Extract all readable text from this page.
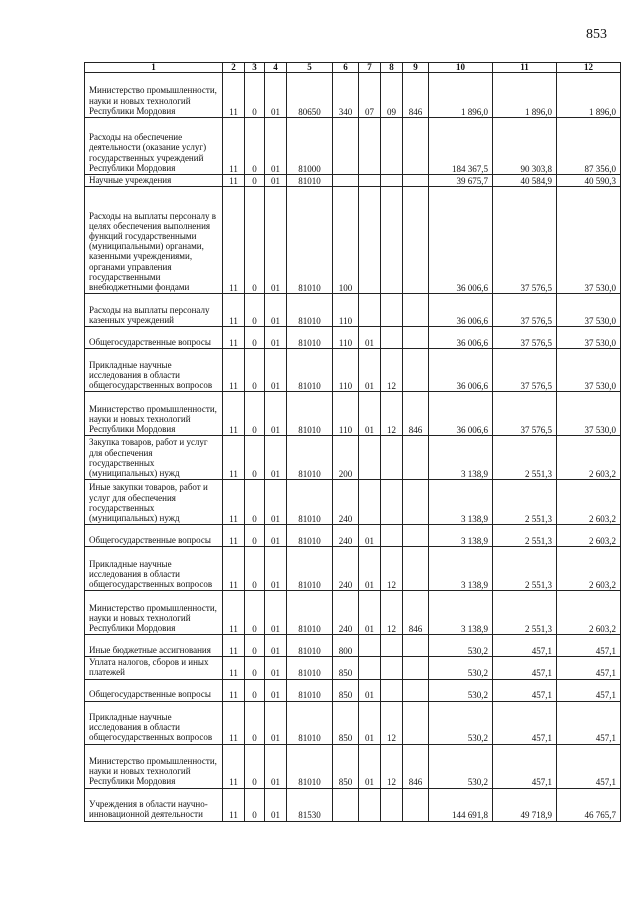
853
1	2	3	4	5	6	7	8	9	10	11	12
Министерство промышленности, науки и новых технологий Республики Мордовия	11	0	01	80650	340	07	09	846	1 896,0	1 896,0	1 896,0
Расходы на обеспечение деятельности (оказание услуг) государственных учреждений Республики Мордовия	11	0	01	81000					184 367,5	90 303,8	87 356,0
Научные учреждения	11	0	01	81010					39 675,7	40 584,9	40 590,3
Расходы на выплаты персоналу в целях обеспечения выполнения функций государственными (муниципальными) органами, казенными учреждениями, органами управления государственными внебюджетными фондами	11	0	01	81010	100				36 006,6	37 576,5	37 530,0
Расходы на выплаты персоналу казенных учреждений	11	0	01	81010	110				36 006,6	37 576,5	37 530,0
Общегосударственные вопросы	11	0	01	81010	110	01			36 006,6	37 576,5	37 530,0
Прикладные научные исследования в области общегосударственных вопросов	11	0	01	81010	110	01	12		36 006,6	37 576,5	37 530,0
Министерство промышленности, науки и новых технологий Республики Мордовия	11	0	01	81010	110	01	12	846	36 006,6	37 576,5	37 530,0
Закупка товаров, работ и услуг для обеспечения государственных (муниципальных) нужд	11	0	01	81010	200				3 138,9	2 551,3	2 603,2
Иные закупки товаров, работ и услуг для обеспечения государственных (муниципальных) нужд	11	0	01	81010	240				3 138,9	2 551,3	2 603,2
Общегосударственные вопросы	11	0	01	81010	240	01			3 138,9	2 551,3	2 603,2
Прикладные научные исследования в области общегосударственных вопросов	11	0	01	81010	240	01	12		3 138,9	2 551,3	2 603,2
Министерство промышленности, науки и новых технологий Республики Мордовия	11	0	01	81010	240	01	12	846	3 138,9	2 551,3	2 603,2
Иные бюджетные ассигнования	11	0	01	81010	800				530,2	457,1	457,1
Уплата налогов, сборов и иных платежей	11	0	01	81010	850				530,2	457,1	457,1
Общегосударственные вопросы	11	0	01	81010	850	01			530,2	457,1	457,1
Прикладные научные исследования в области общегосударственных вопросов	11	0	01	81010	850	01	12		530,2	457,1	457,1
Министерство промышленности, науки и новых технологий Республики Мордовия	11	0	01	81010	850	01	12	846	530,2	457,1	457,1
Учреждения в области научно-инновационной деятельности	11	0	01	81530					144 691,8	49 718,9	46 765,7
